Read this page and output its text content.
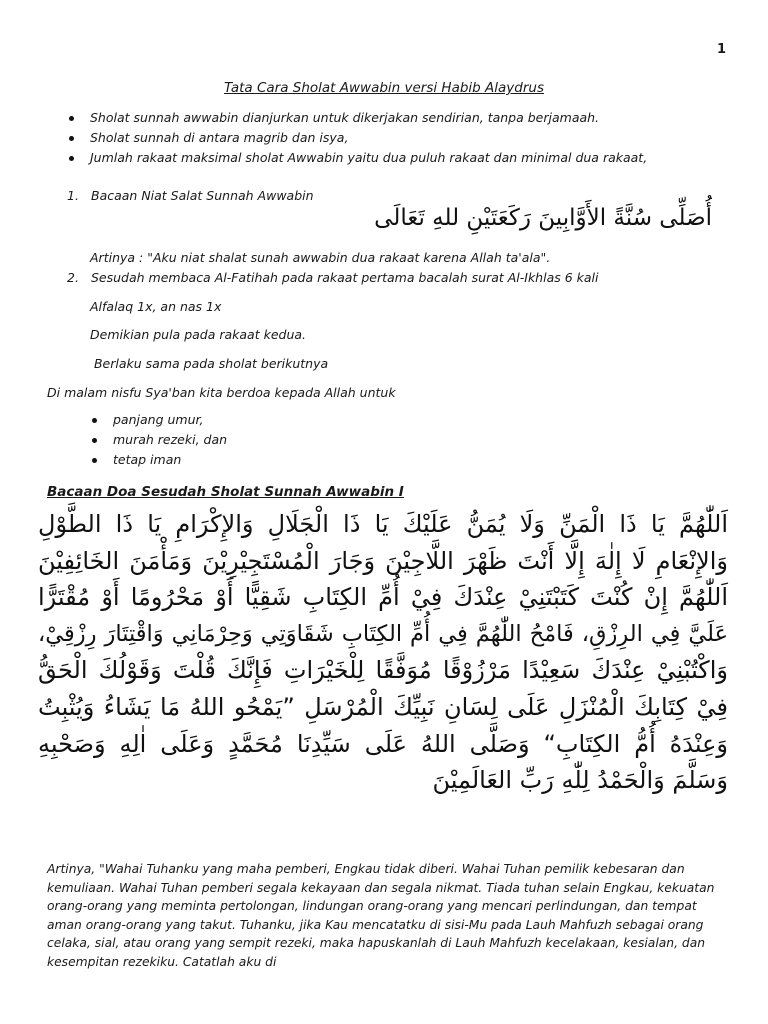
1
Tata Cara Sholat Awwabin versi Habib Alaydrus
Sholat sunnah awwabin dianjurkan untuk dikerjakan sendirian, tanpa berjamaah.
Sholat sunnah di antara magrib dan isya,
Jumlah rakaat maksimal sholat Awwabin yaitu dua puluh rakaat dan minimal dua rakaat,
1. Bacaan Niat Salat Sunnah Awwabin
أُصَلِّى سُنَّةً الأَوَّابِينَ رَكَعَتَيْنِ للهِ تَعَالَى
Artinya : "Aku niat shalat sunah awwabin dua rakaat karena Allah ta'ala".
2. Sesudah membaca Al-Fatihah pada rakaat pertama bacalah surat Al-Ikhlas 6 kali
Alfalaq 1x, an nas 1x
Demikian pula pada rakaat kedua.
Berlaku sama pada sholat berikutnya
Di malam nisfu Sya'ban kita berdoa kepada Allah untuk
panjang umur,
murah rezeki, dan
tetap iman
Bacaan Doa Sesudah Sholat Sunnah Awwabin I
اَللّٰهُمَّ يَا ذَا الْمَنِّ وَلَا يُمَنُّ عَلَيْكَ يَا ذَا الْجَلَالِ وَالإِكْرَامِ يَا ذَا الطَّوْلِ
وَالإِنْعَامِ لَا إِلٰهَ إِلَّا أَنْتَ ظَهْرَ اللَّاجِيْنَ وَجَارَ الْمُسْتَجِيْرِيْنَ وَمَأْمَنَ الخَائِفِيْنَ
اَللّٰهُمَّ إِنْ كُنْتَ كَتَبْتَنِيْ عِنْدَكَ فِيْ أُمِّ الكِتَابِ شَقِيًّا أَوْ مَحْرُومًا أَوْ مُقْتَرًّا
عَلَيَّ فِي الرِزْقِ، فَامْحُ اللّٰهُمَّ فِي أُمِّ الكِتَابِ شَقَاوَتِي وَحِرْمَانِي وَاقْتِتَارَ رِزْقِيْ،
وَاكْتُبْنِيْ عِنْدَكَ سَعِيْدًا مَرْزُوْقًا مُوَفَّقًا لِلْخَيْرَاتِ فَإِنَّكَ قُلْتَ وَقَوْلُكَ الْحَقُّ
فِيْ كِتَابِكَ الْمُنْزَلِ عَلَى لِسَانِ نَبِيِّكَ الْمُرْسَلِ ”يَمْحُو اللهُ مَا يَشَاءُ وَيُثْبِتُ
وَعِنْدَهُ أُمُّ الكِتَابِ“ وَصَلَّى اللهُ عَلَى سَيِّدِنَا مُحَمَّدٍ وَعَلَى اٰلِهِ وَصَحْبِهِ
وَسَلَّمَ وَالْحَمْدُ لِلّٰهِ رَبِّ العَالَمِيْنَ
Artinya, "Wahai Tuhanku yang maha pemberi, Engkau tidak diberi. Wahai Tuhan pemilik kebesaran dan kemuliaan. Wahai Tuhan pemberi segala kekayaan dan segala nikmat. Tiada tuhan selain Engkau, kekuatan orang-orang yang meminta pertolongan, lindungan orang-orang yang mencari perlindungan, dan tempat aman orang-orang yang takut. Tuhanku, jika Kau mencatatku di sisi-Mu pada Lauh Mahfuzh sebagai orang celaka, sial, atau orang yang sempit rezeki, maka hapuskanlah di Lauh Mahfuzh kecelakaan, kesialan, dan kesempitan rezekiku. Catatlah aku di
